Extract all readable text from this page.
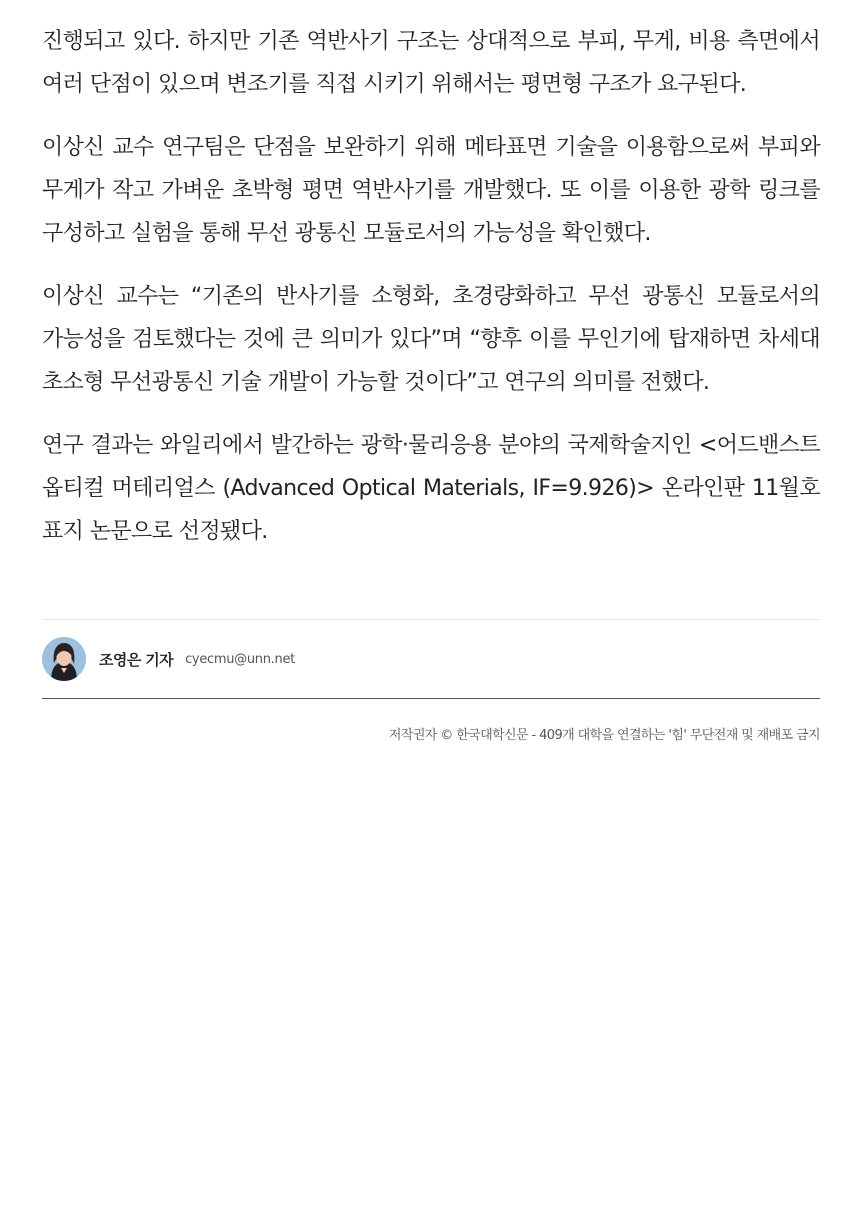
진행되고 있다. 하지만 기존 역반사기 구조는 상대적으로 부피, 무게, 비용 측면에서 여러 단점이 있으며 변조기를 직접 시키기 위해서는 평면형 구조가 요구된다.

이상신 교수 연구팀은 단점을 보완하기 위해 메타표면 기술을 이용함으로써 부피와 무게가 작고 가벼운 초박형 평면 역반사기를 개발했다. 또 이를 이용한 광학 링크를 구성하고 실험을 통해 무선 광통신 모듈로서의 가능성을 확인했다.

이상신 교수는 “기존의 반사기를 소형화, 초경량화하고 무선 광통신 모듈로서의 가능성을 검토했다는 것에 큰 의미가 있다”며 “향후 이를 무인기에 탑재하면 차세대 초소형 무선광통신 기술 개발이 가능할 것이다”고 연구의 의미를 전했다.

연구 결과는 와일리에서 발간하는 광학·물리응용 분야의 국제학술지인 <어드밴스트 옵티컬 머테리얼스 (Advanced Optical Materials, IF=9.926)> 온라인판 11월호 표지 논문으로 선정됐다.

조영은 기자 cyecmu@unn.net
저작권자 © 한국대학신문 - 409개 대학을 연결하는 '힘' 무단전재 및 재배포 금지
